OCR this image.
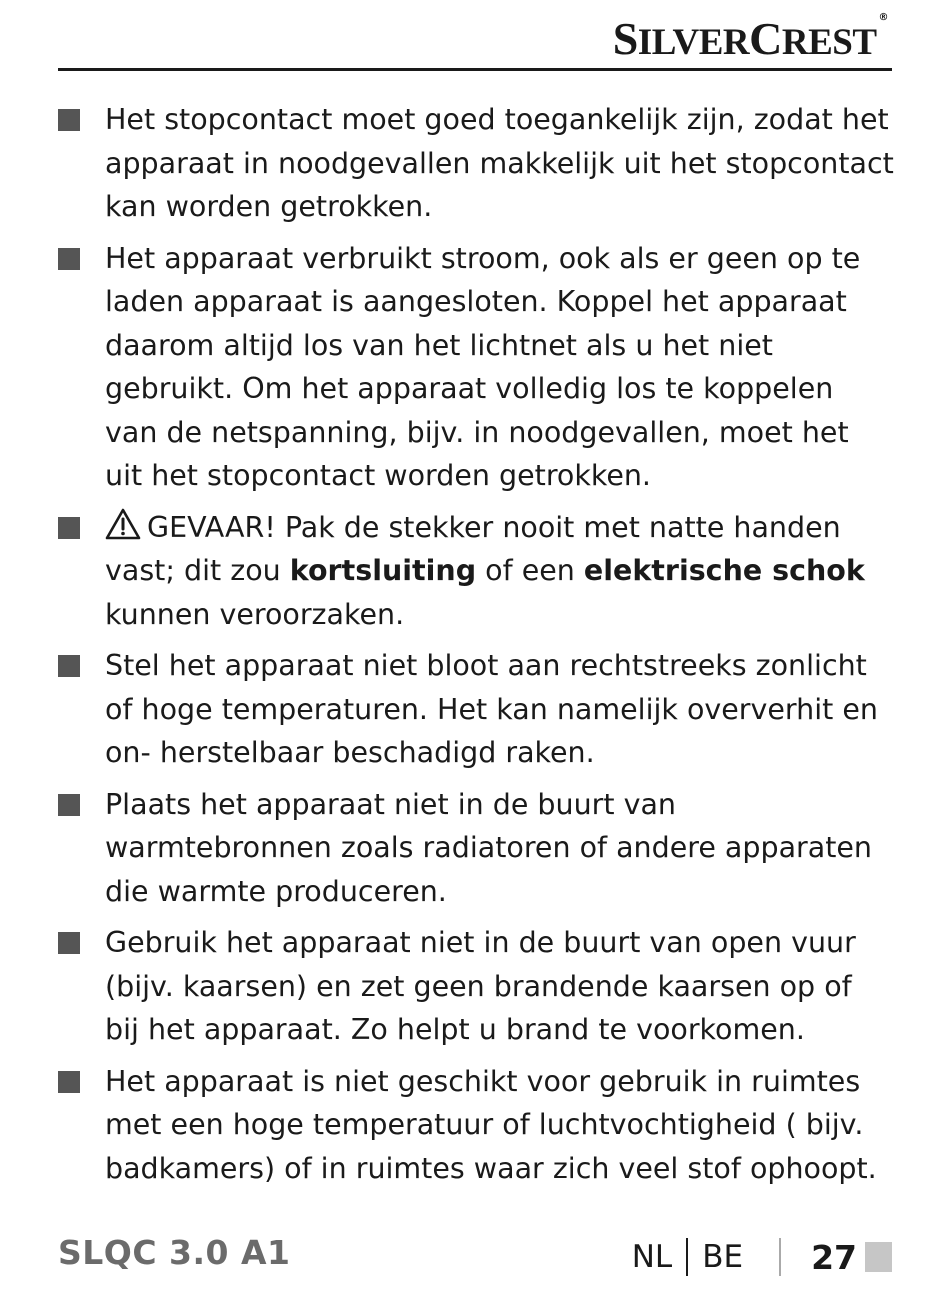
SILVERCREST®
Het stopcontact moet goed toegankelijk zijn, zodat het apparaat in noodgevallen makkelijk uit het stopcontact kan worden getrokken.
Het apparaat verbruikt stroom, ook als er geen op te laden apparaat is aangesloten. Koppel het apparaat daarom altijd los van het lichtnet als u het niet gebruikt. Om het apparaat volledig los te koppelen van de netspanning, bijv. in noodgevallen, moet het uit het stopcontact worden getrokken.
GEVAAR! Pak de stekker nooit met natte handen vast; dit zou kortsluiting of een elektrische schok kunnen veroorzaken.
Stel het apparaat niet bloot aan rechtstreeks zonlicht of hoge temperaturen. Het kan namelijk oververhit en on- herstelbaar beschadigd raken.
Plaats het apparaat niet in de buurt van warmtebronnen zoals radiatoren of andere apparaten die warmte produceren.
Gebruik het apparaat niet in de buurt van open vuur (bijv. kaarsen) en zet geen brandende kaarsen op of bij het apparaat. Zo helpt u brand te voorkomen.
Het apparaat is niet geschikt voor gebruik in ruimtes met een hoge temperatuur of luchtvochtigheid ( bijv. badkamers) of in ruimtes waar zich veel stof ophoopt.
SLQC 3.0 A1	NL BE 27
